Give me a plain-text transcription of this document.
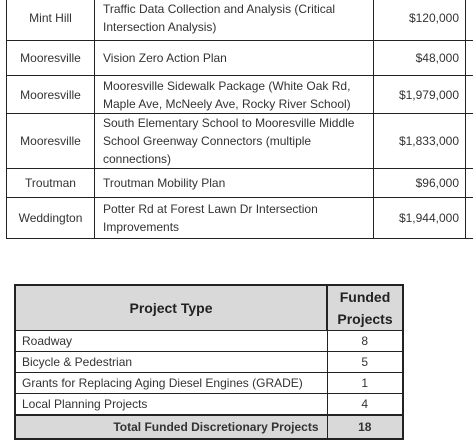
Mint Hill	Traffic Data Collection and Analysis (Critical Intersection Analysis)	$120,000	
Mooresville	Vision Zero Action Plan	$48,000	
Mooresville	Mooresville Sidewalk Package (White Oak Rd, Maple Ave, McNeely Ave, Rocky River School)	$1,979,000	
Mooresville	South Elementary School to Mooresville Middle School Greenway Connectors (multiple connections)	$1,833,000	
Troutman	Troutman Mobility Plan	$96,000	
Weddington	Potter Rd at Forest Lawn Dr Intersection Improvements	$1,944,000	
Project Type	Funded Projects
Roadway	8
Bicycle & Pedestrian	5
Grants for Replacing Aging Diesel Engines (GRADE)	1
Local Planning Projects	4
Total Funded Discretionary Projects	18
